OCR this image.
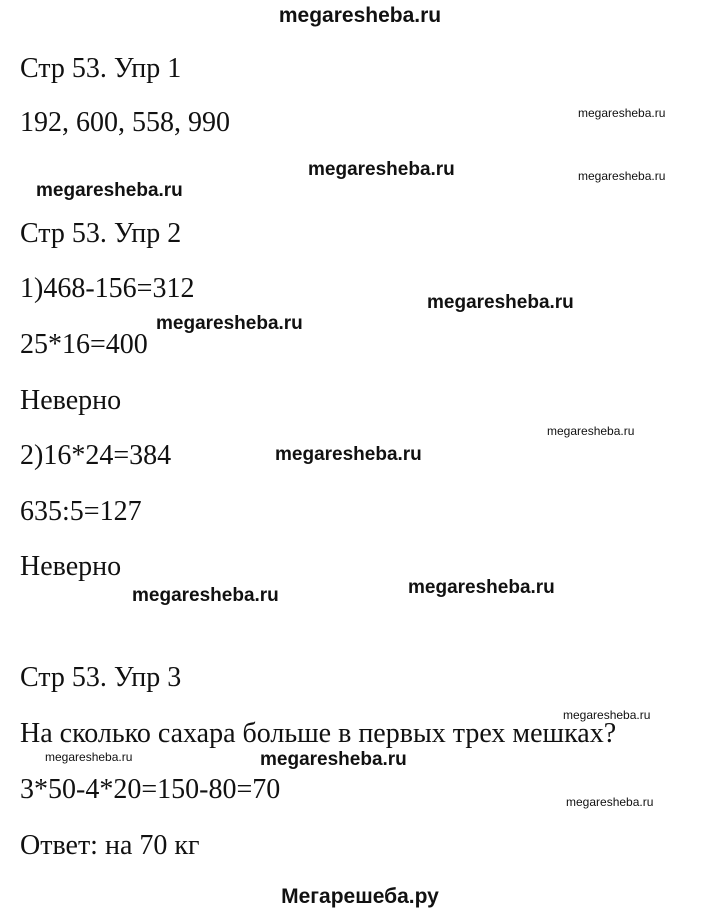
megaresheba.ru
Стр 53. Упр 1
192, 600, 558, 990
Стр 53. Упр 2
1)468-156=312
25*16=400
Неверно
2)16*24=384
635:5=127
Неверно
Стр 53. Упр 3
На сколько сахара больше в первых трех мешках?
3*50-4*20=150-80=70
Ответ: на 70 кг
megaresheba.ru
megaresheba.ru
megaresheba.ru
megaresheba.ru
megaresheba.ru
megaresheba.ru
megaresheba.ru
megaresheba.ru
megaresheba.ru
megaresheba.ru
megaresheba.ru
megaresheba.ru
megaresheba.ru
megaresheba.ru
Мегарешеба.ру
